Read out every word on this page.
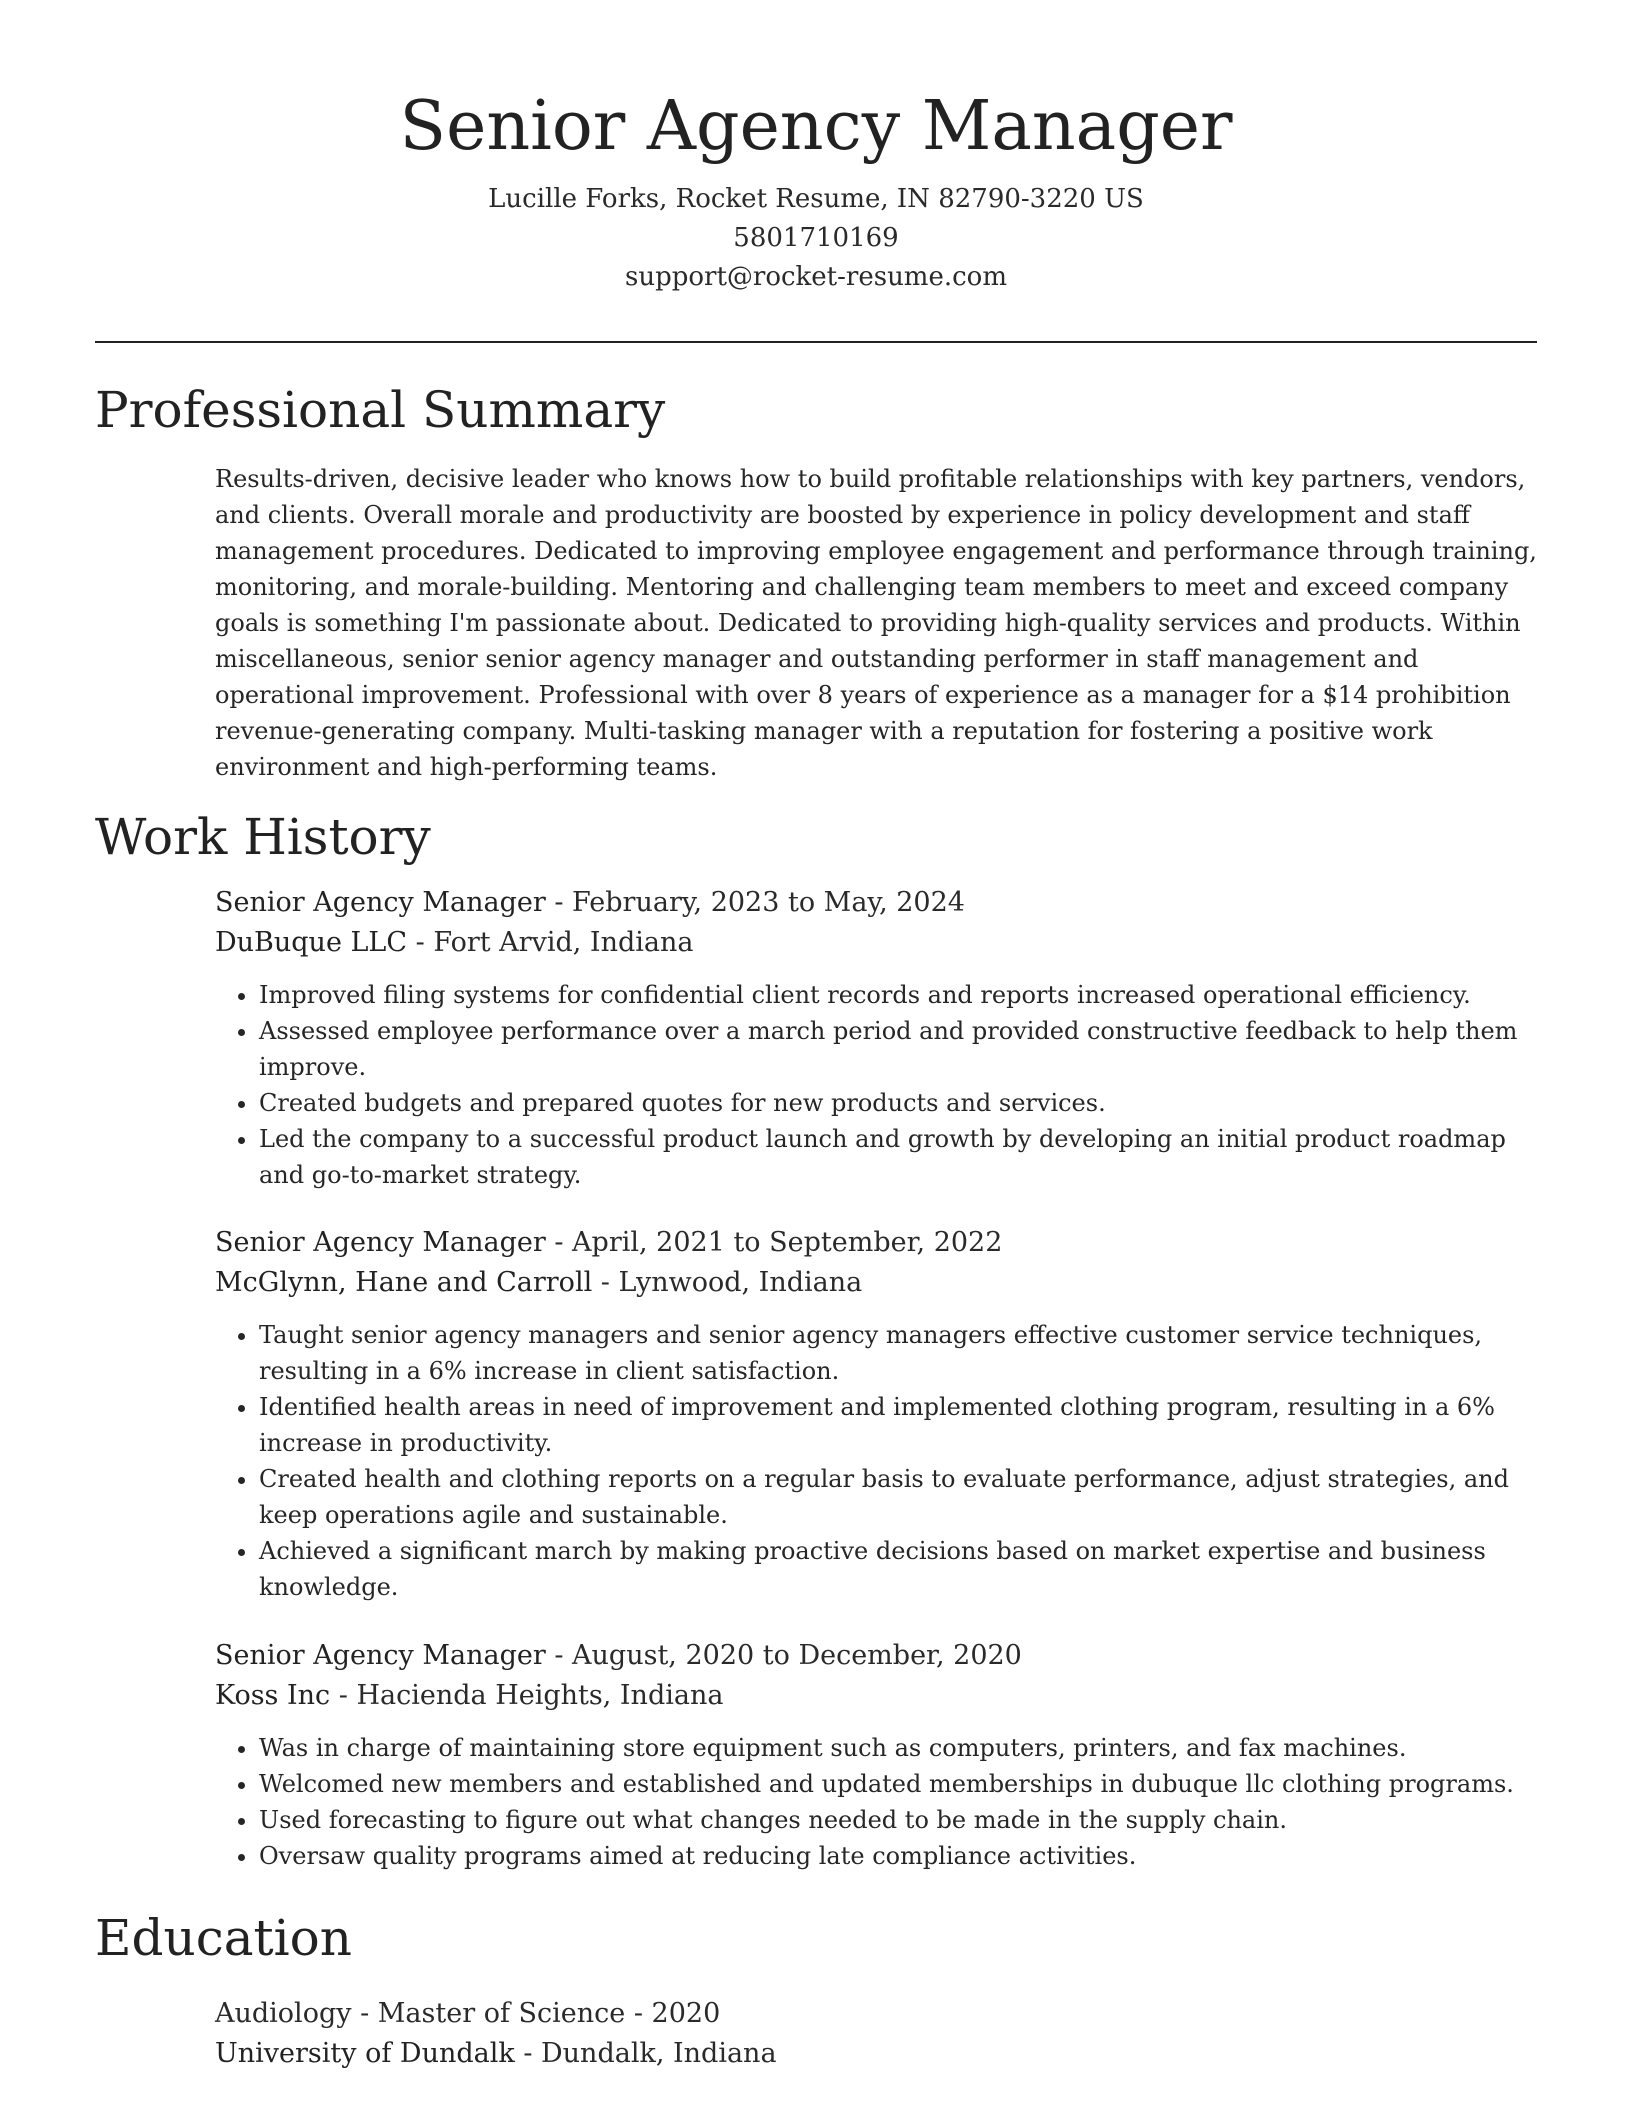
Senior Agency Manager
Lucille Forks, Rocket Resume, IN 82790-3220 US
5801710169
support@rocket-resume.com
Professional Summary
Results-driven, decisive leader who knows how to build profitable relationships with key partners, vendors, and clients. Overall morale and productivity are boosted by experience in policy development and staff management procedures. Dedicated to improving employee engagement and performance through training, monitoring, and morale-building. Mentoring and challenging team members to meet and exceed company goals is something I'm passionate about. Dedicated to providing high-quality services and products. Within miscellaneous, senior senior agency manager and outstanding performer in staff management and operational improvement. Professional with over 8 years of experience as a manager for a $14 prohibition revenue-generating company. Multi-tasking manager with a reputation for fostering a positive work environment and high-performing teams.
Work History
Senior Agency Manager - February, 2023 to May, 2024
DuBuque LLC - Fort Arvid, Indiana
• Improved filing systems for confidential client records and reports increased operational efficiency.
• Assessed employee performance over a march period and provided constructive feedback to help them improve.
• Created budgets and prepared quotes for new products and services.
• Led the company to a successful product launch and growth by developing an initial product roadmap and go-to-market strategy.
Senior Agency Manager - April, 2021 to September, 2022
McGlynn, Hane and Carroll - Lynwood, Indiana
• Taught senior agency managers and senior agency managers effective customer service techniques, resulting in a 6% increase in client satisfaction.
• Identified health areas in need of improvement and implemented clothing program, resulting in a 6% increase in productivity.
• Created health and clothing reports on a regular basis to evaluate performance, adjust strategies, and keep operations agile and sustainable.
• Achieved a significant march by making proactive decisions based on market expertise and business knowledge.
Senior Agency Manager - August, 2020 to December, 2020
Koss Inc - Hacienda Heights, Indiana
• Was in charge of maintaining store equipment such as computers, printers, and fax machines.
• Welcomed new members and established and updated memberships in dubuque llc clothing programs.
• Used forecasting to figure out what changes needed to be made in the supply chain.
• Oversaw quality programs aimed at reducing late compliance activities.
Education
Audiology - Master of Science - 2020
University of Dundalk - Dundalk, Indiana
